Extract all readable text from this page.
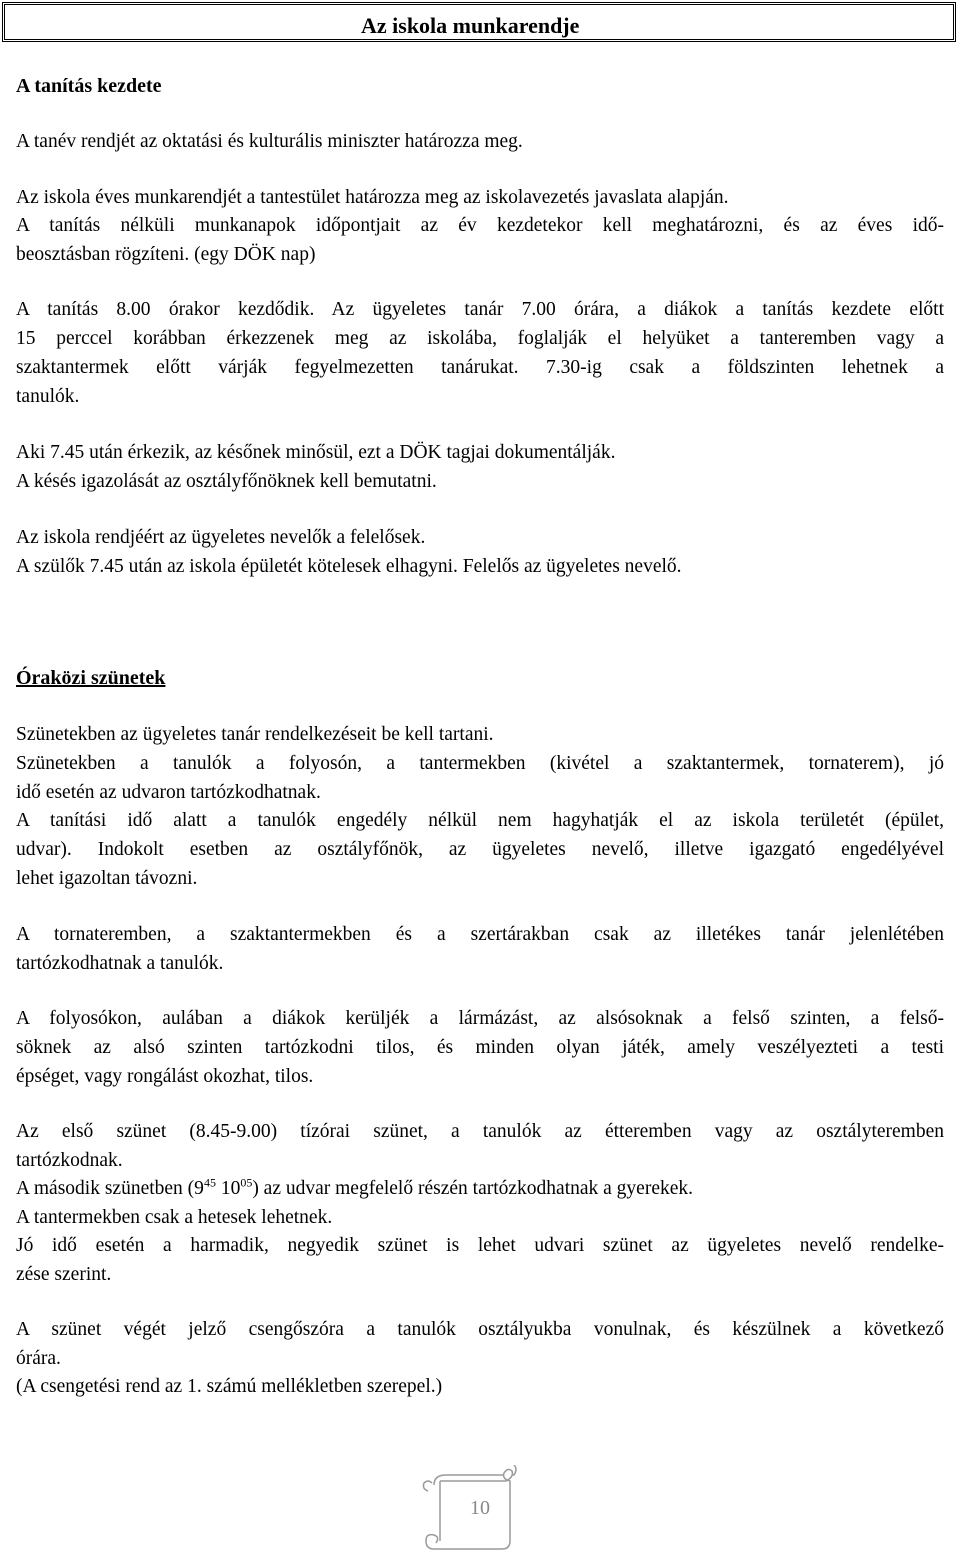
Az iskola munkarendje
A tanítás kezdete
A tanév rendjét az oktatási és kulturális miniszter határozza meg.
Az iskola éves munkarendjét a tantestület határozza meg az iskolavezetés javaslata alapján.
A tanítás nélküli munkanapok időpontjait az év kezdetekor kell meghatározni, és az éves idő-
beosztásban rögzíteni. (egy DÖK nap)
A tanítás 8.00 órakor kezdődik. Az ügyeletes tanár 7.00 órára, a diákok a tanítás kezdete előtt
15 perccel korábban érkezzenek meg az iskolába, foglalják el helyüket a tanteremben vagy a
szaktantermek előtt várják fegyelmezetten tanárukat. 7.30-ig csak a földszinten lehetnek a
tanulók.
Aki 7.45 után érkezik, az későnek minősül, ezt a DÖK tagjai dokumentálják.
A késés igazolását az osztályfőnöknek kell bemutatni.
Az iskola rendjéért az ügyeletes nevelők a felelősek.
A szülők 7.45 után az iskola épületét kötelesek elhagyni. Felelős az ügyeletes nevelő.
Óraközi szünetek
Szünetekben az ügyeletes tanár rendelkezéseit be kell tartani.
Szünetekben a tanulók a folyosón, a tantermekben (kivétel a szaktantermek, tornaterem), jó
idő esetén az udvaron tartózkodhatnak.
A tanítási idő alatt a tanulók engedély nélkül nem hagyhatják el az iskola területét (épület,
udvar). Indokolt esetben az osztályfőnök, az ügyeletes nevelő, illetve igazgató engedélyével
lehet igazoltan távozni.
A tornateremben, a szaktantermekben és a szertárakban csak az illetékes tanár jelenlétében
tartózkodhatnak a tanulók.
A folyosókon, aulában a diákok kerüljék a lármázást, az alsósoknak a felső szinten, a felső-
söknek az alsó szinten tartózkodni tilos, és minden olyan játék, amely veszélyezteti a testi
épséget, vagy rongálást okozhat, tilos.
Az első szünet (8.45-9.00) tízórai szünet, a tanulók az étteremben vagy az osztályteremben
tartózkodnak.
A második szünetben ($9^{45}$ $10^{05}$) az udvar megfelelő részén tartózkodhatnak a gyerekek.
A tantermekben csak a hetesek lehetnek.
Jó idő esetén a harmadik, negyedik szünet is lehet udvari szünet az ügyeletes nevelő rendelke-
zése szerint.
A szünet végét jelző csengőszóra a tanulók osztályukba vonulnak, és készülnek a következő
órára.
(A csengetési rend az 1. számú mellékletben szerepel.)
10
